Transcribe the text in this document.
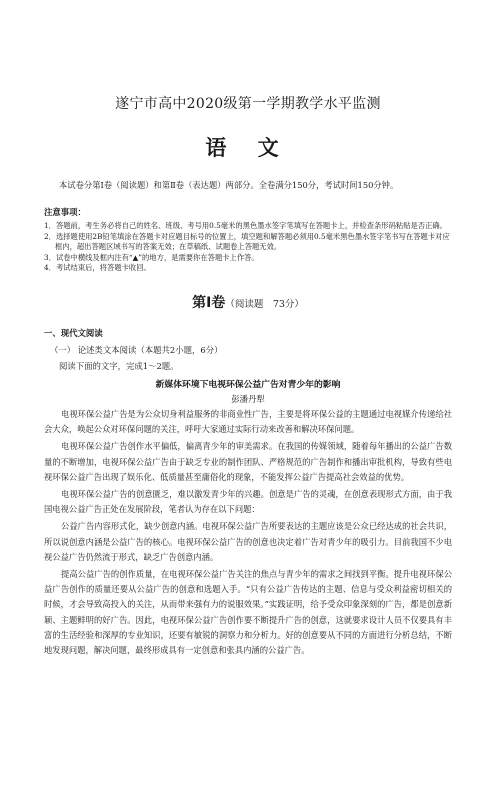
遂宁市高中2020级第一学期教学水平监测
语 文
本试卷分第Ⅰ卷（阅读题）和第Ⅱ卷（表达题）两部分。全卷满分150分，考试时间150分钟。
注意事项：
1．答题前，考生务必将自己的姓名、班级、考号用0.5毫米的黑色墨水签字笔填写在答题卡上，并检查条形码粘贴是否正确。
2．选择题使用2B铅笔填涂在答题卡对应题目标号的位置上，填空题和解答题必须用0.5毫米黑色墨水签字笔书写在答题卡对应框内，超出答题区域书写的答案无效；在草稿纸、试题卷上答题无效。
3．试卷中横线及框内注有“▲”的地方，是需要你在答题卡上作答。
4．考试结束后，将答题卡收回。
第Ⅰ卷（阅读题　73分）
一、现代文阅读
（一） 论述类文本阅读（本题共2小题，6分）
阅读下面的文字，完成1～2题。
新媒体环境下电视环保公益广告对青少年的影响
彭潘丹犁

电视环保公益广告是为公众切身利益服务的非商业性广告，主要是将环保公益的主题通过电视媒介传递给社会大众，唤起公众对环保问题的关注，呼吁大家通过实际行动来改善和解决环保问题。

电视环保公益广告创作水平偏低，偏离青少年的审美需求。在我国的传媒领域，随着每年播出的公益广告数量的不断增加，电视环保公益广告由于缺乏专业的制作团队、严格规范的广告制作和播出审批机构，导致有些电视环保公益广告出现了娱乐化、低质量甚至庸俗化的现象，不能发挥公益广告提高社会效益的优势。

电视环保公益广告的创意匮乏，难以激发青少年的兴趣。创意是广告的灵魂，在创意表现形式方面，由于我国电视公益广告正处在发展阶段，笔者认为存在以下问题：

公益广告内容形式化，缺少创意内涵。电视环保公益广告所要表达的主题应该是公众已经达成的社会共识，所以说创意内涵是公益广告的核心。电视环保公益广告的创意也决定着广告对青少年的吸引力。目前我国不少电视公益广告仍然流于形式，缺乏广告创意内涵。

提高公益广告的创作质量，在电视环保公益广告关注的焦点与青少年的需求之间找到平衡。提升电视环保公益广告创作的质量还要从公益广告的创意和选题入手。“只有公益广告传达的主题、信息与受众利益密切相关的时候，才会导致高投入的关注，从而带来强有力的说服效果。”实践证明，给予受众印象深刻的广告，都是创意新颖、主题鲜明的好广告。因此，电视环保公益广告创作要不断提升广告的创意，这就要求设计人员不仅要具有丰富的生活经验和深厚的专业知识，还要有敏锐的洞察力和分析力。好的创意要从不同的方面进行分析总结，不断地发现问题，解决问题，最终形成具有一定创意和张具内涵的公益广告。
